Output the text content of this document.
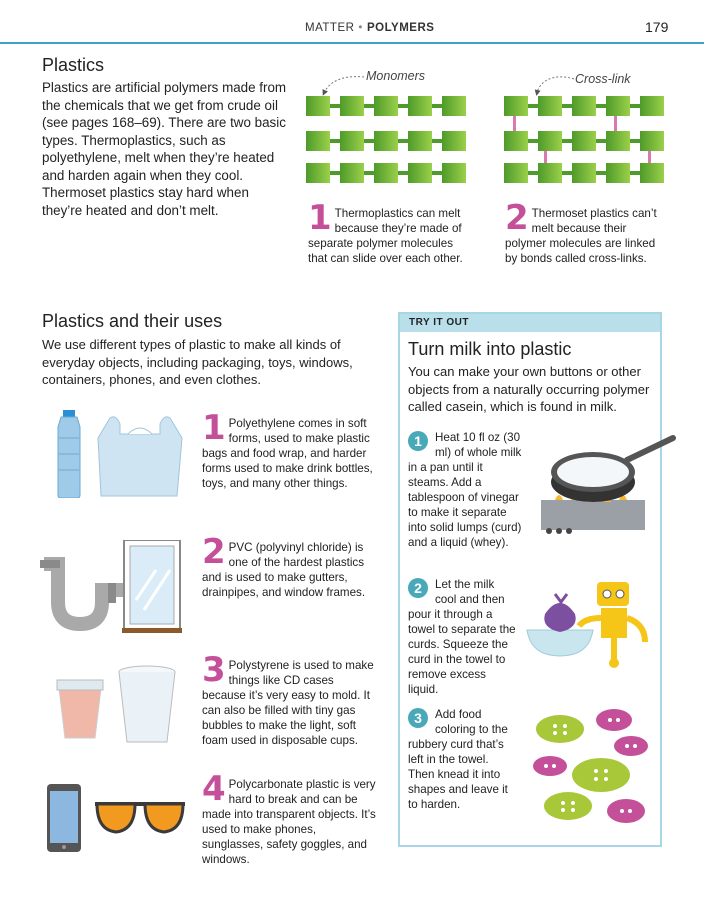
MATTER • POLYMERS	179
Plastics
Plastics are artificial polymers made from the chemicals that we get from crude oil (see pages 168–69). There are two basic types. Thermoplastics, such as polyethylene, melt when they’re heated and harden again when they cool. Thermoset plastics stay hard when they’re heated and don’t melt.
Monomers	Cross-link
1 Thermoplastics can melt because they’re made of separate polymer molecules that can slide over each other.
2 Thermoset plastics can’t melt because their polymer molecules are linked by bonds called cross-links.
Plastics and their uses
We use different types of plastic to make all kinds of everyday objects, including packaging, toys, windows, containers, phones, and even clothes.
1 Polyethylene comes in soft forms, used to make plastic bags and food wrap, and harder forms used to make drink bottles, toys, and many other things.
2 PVC (polyvinyl chloride) is one of the hardest plastics and is used to make gutters, drainpipes, and window frames.
3 Polystyrene is used to make things like CD cases because it’s very easy to mold. It can also be filled with tiny gas bubbles to make the light, soft foam used in disposable cups.
4 Polycarbonate plastic is very hard to break and can be made into transparent objects. It’s used to make phones, sunglasses, safety goggles, and windows.
TRY IT OUT
Turn milk into plastic
You can make your own buttons or other objects from a naturally occurring polymer called casein, which is found in milk.
1	Heat 10 fl oz (30 ml) of whole milk in a pan until it steams. Add a tablespoon of vinegar to make it separate into solid lumps (curd) and a liquid (whey).
2	Let the milk cool and then pour it through a towel to separate the curds. Squeeze the curd in the towel to remove excess liquid.
3	Add food coloring to the rubbery curd that’s left in the towel. Then knead it into shapes and leave it to harden.
